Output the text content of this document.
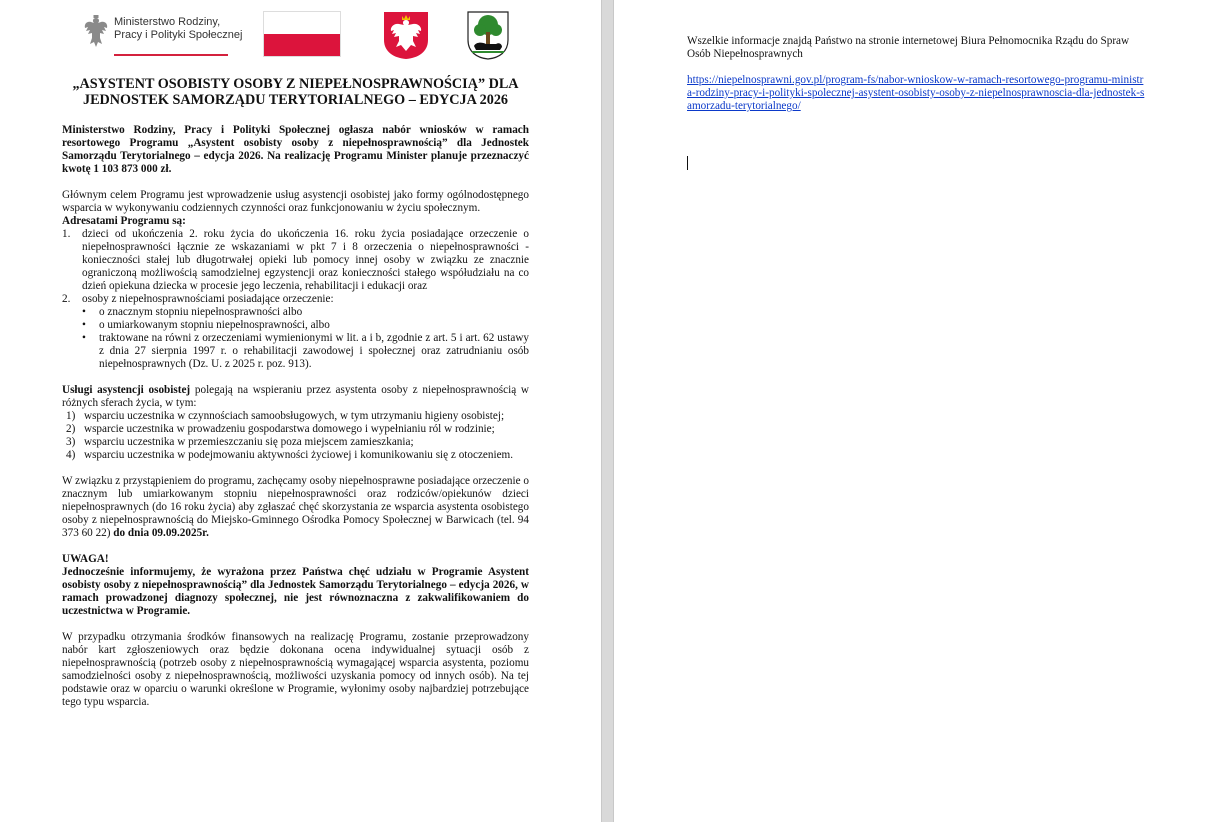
Ministerstwo Rodziny,
Pracy i Polityki Społecznej
„ASYSTENT OSOBISTY OSOBY Z NIEPEŁNOSPRAWNOŚCIĄ” DLA
JEDNOSTEK SAMORZĄDU TERYTORIALNEGO – EDYCJA 2026

Ministerstwo Rodziny, Pracy i Polityki Społecznej ogłasza nabór wniosków w ramach resortowego Programu „Asystent osobisty osoby z niepełnosprawnością” dla Jednostek Samorządu Terytorialnego – edycja 2026. Na realizację Programu Minister planuje przeznaczyć kwotę 1 103 873 000 zł.

Głównym celem Programu jest wprowadzenie usług asystencji osobistej jako formy ogólnodostępnego wsparcia w wykonywaniu codziennych czynności oraz funkcjonowaniu w życiu społecznym.

Adresatami Programu są:

1. dzieci od ukończenia 2. roku życia do ukończenia 16. roku życia posiadające orzeczenie o niepełnosprawności łącznie ze wskazaniami w pkt 7 i 8 orzeczenia o niepełnosprawności - konieczności stałej lub długotrwałej opieki lub pomocy innej osoby w związku ze znacznie ograniczoną możliwością samodzielnej egzystencji oraz konieczności stałego współudziału na co dzień opiekuna dziecka w procesie jego leczenia, rehabilitacji i edukacji oraz
2. osoby z niepełnosprawnościami posiadające orzeczenie:
• o znacznym stopniu niepełnosprawności albo
• o umiarkowanym stopniu niepełnosprawności, albo
• traktowane na równi z orzeczeniami wymienionymi w lit. a i b, zgodnie z art. 5 i art. 62 ustawy z dnia 27 sierpnia 1997 r. o rehabilitacji zawodowej i społecznej oraz zatrudnianiu osób niepełnosprawnych (Dz. U. z 2025 r. poz. 913).

Usługi asystencji osobistej polegają na wspieraniu przez asystenta osoby z niepełnosprawnością w różnych sferach życia, w tym:

1) wsparciu uczestnika w czynnościach samoobsługowych, w tym utrzymaniu higieny osobistej;
2) wsparcie uczestnika w prowadzeniu gospodarstwa domowego i wypełnianiu ról w rodzinie;
3) wsparciu uczestnika w przemieszczaniu się poza miejscem zamieszkania;
4) wsparciu uczestnika w podejmowaniu aktywności życiowej i komunikowaniu się z otoczeniem.

W związku z przystąpieniem do programu, zachęcamy osoby niepełnosprawne posiadające orzeczenie o znacznym lub umiarkowanym stopniu niepełnosprawności oraz rodziców/opiekunów dzieci niepełnosprawnych (do 16 roku życia) aby zgłaszać chęć skorzystania ze wsparcia asystenta osobistego osoby z niepełnosprawnością do Miejsko-Gminnego Ośrodka Pomocy Społecznej w Barwicach (tel. 94 373 60 22) do dnia 09.09.2025r.

UWAGA!

Jednocześnie informujemy, że wyrażona przez Państwa chęć udziału w Programie Asystent osobisty osoby z niepełnosprawnością” dla Jednostek Samorządu Terytorialnego – edycja 2026, w ramach prowadzonej diagnozy społecznej, nie jest równoznaczna z zakwalifikowaniem do uczestnictwa w Programie.

W przypadku otrzymania środków finansowych na realizację Programu, zostanie przeprowadzony nabór kart zgłoszeniowych oraz będzie dokonana ocena indywidualnej sytuacji osób z niepełnosprawnością (potrzeb osoby z niepełnosprawnością wymagającej wsparcia asystenta, poziomu samodzielności osoby z niepełnosprawnością, możliwości uzyskania pomocy od innych osób). Na tej podstawie oraz w oparciu o warunki określone w Programie, wyłonimy osoby najbardziej potrzebujące tego typu wsparcia.

Wszelkie informacje znajdą Państwo na stronie internetowej Biura Pełnomocnika Rządu do Spraw Osób Niepełnosprawnych

https://niepelnosprawni.gov.pl/program-fs/nabor-wnioskow-w-ramach-resortowego-programu-ministra-rodziny-pracy-i-polityki-spolecznej-asystent-osobisty-osoby-z-niepelnosprawnoscia-dla-jednostek-samorzadu-terytorialnego/
